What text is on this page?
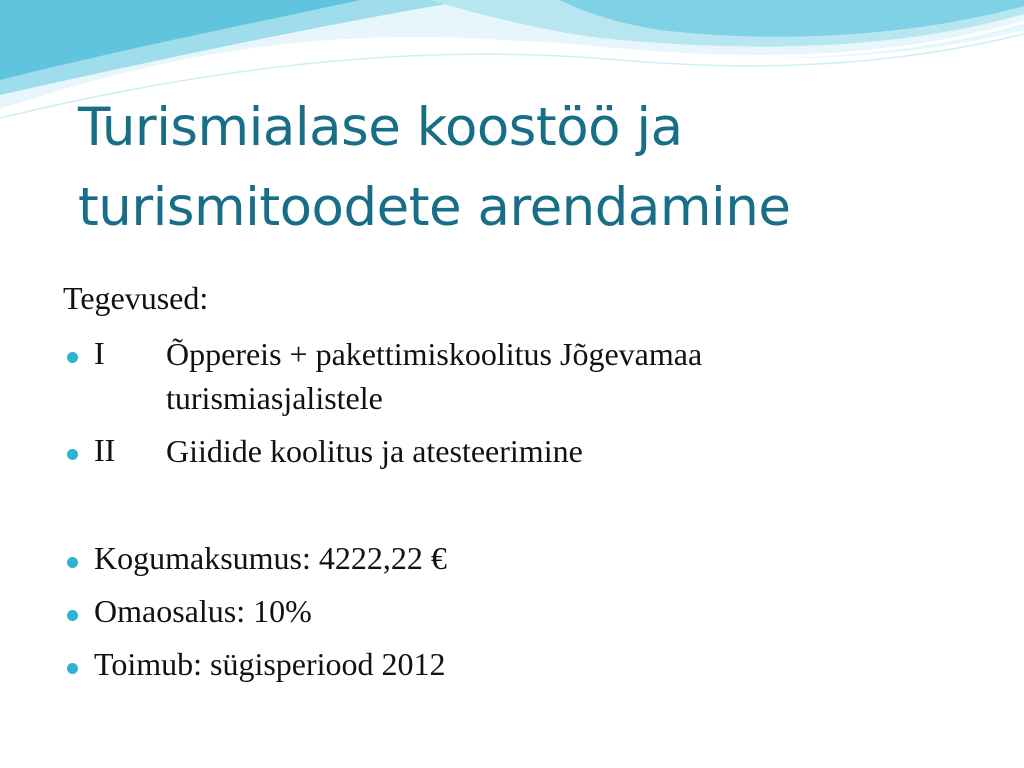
Turismialase koostöö ja
turismitoodete arendamine
Tegevused:
I Õppereis + pakettimiskoolitus Jõgevamaa turismiasjalistele
II Giidide koolitus ja atesteerimine
Kogumaksumus: 4222,22 €
Omaosalus: 10%
Toimub: sügisperiood 2012
